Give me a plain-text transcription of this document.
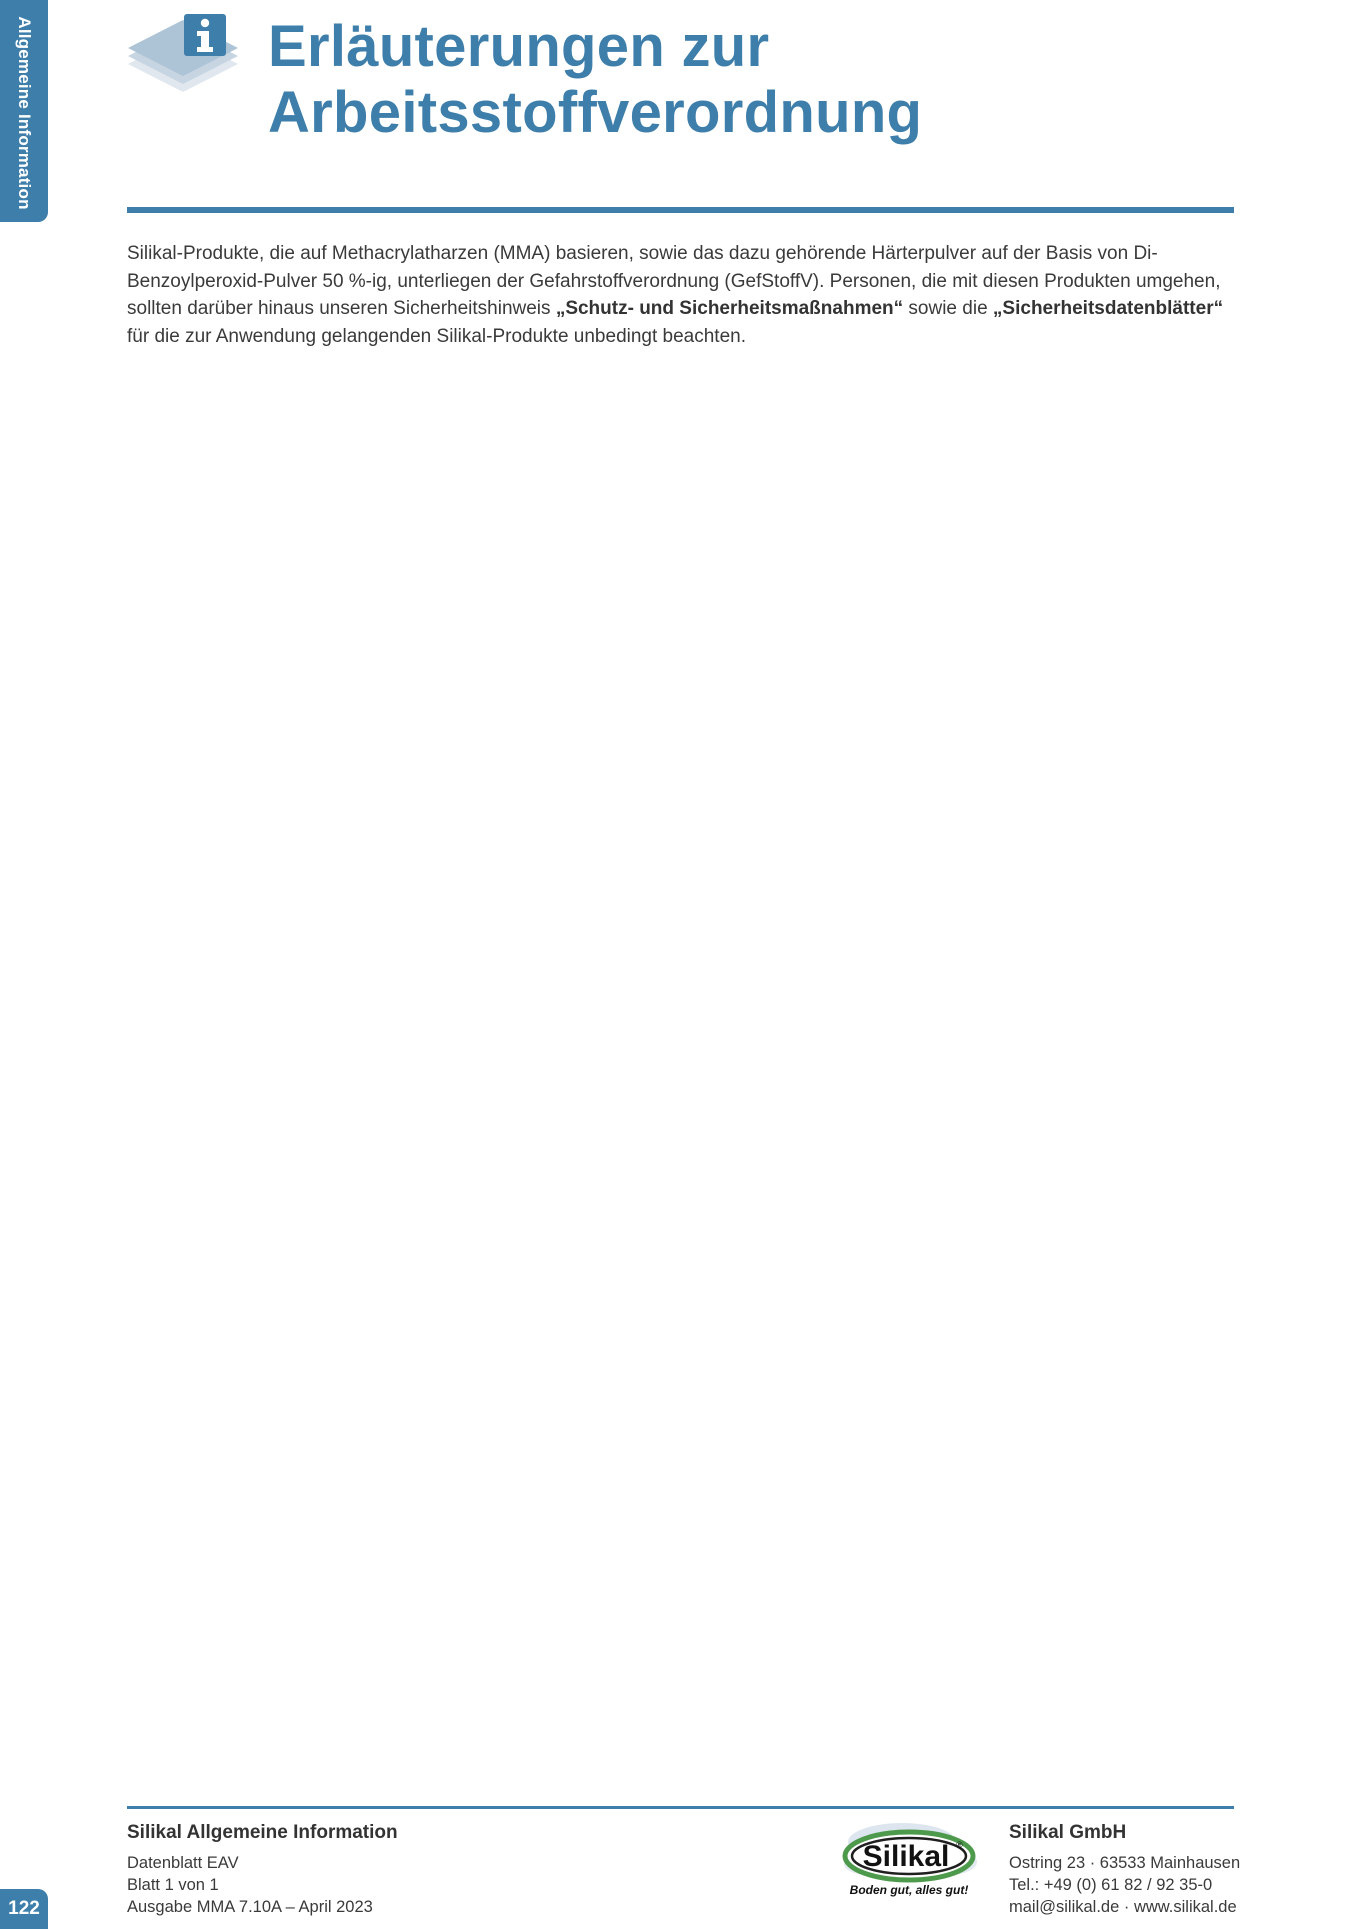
Allgemeine Information	Erläuterungen zur
Arbeitsstoffverordnung

Silikal-Produkte, die auf Methacrylatharzen (MMA) basieren, sowie das dazu gehörende Härterpulver auf der Basis von Di-Benzoylperoxid-Pulver 50 %-ig, unterliegen der Gefahrstoffverordnung (GefStoffV). Personen, die mit diesen Produkten umgehen, sollten darüber hinaus unseren Sicherheitshinweis „Schutz- und Sicherheitsmaßnahmen“ sowie die „Sicherheitsdatenblätter“ für die zur Anwendung gelangenden Silikal-Produkte unbedingt beachten.

Silikal Allgemeine Information
Datenblatt EAV
Blatt 1 von 1
Ausgabe MMA 7.10A – April 2023
Silikal ®
Boden gut, alles gut!
Silikal GmbH
Ostring 23 · 63533 Mainhausen
Tel.: +49 (0) 61 82 / 92 35-0
mail@silikal.de · www.silikal.de
122
